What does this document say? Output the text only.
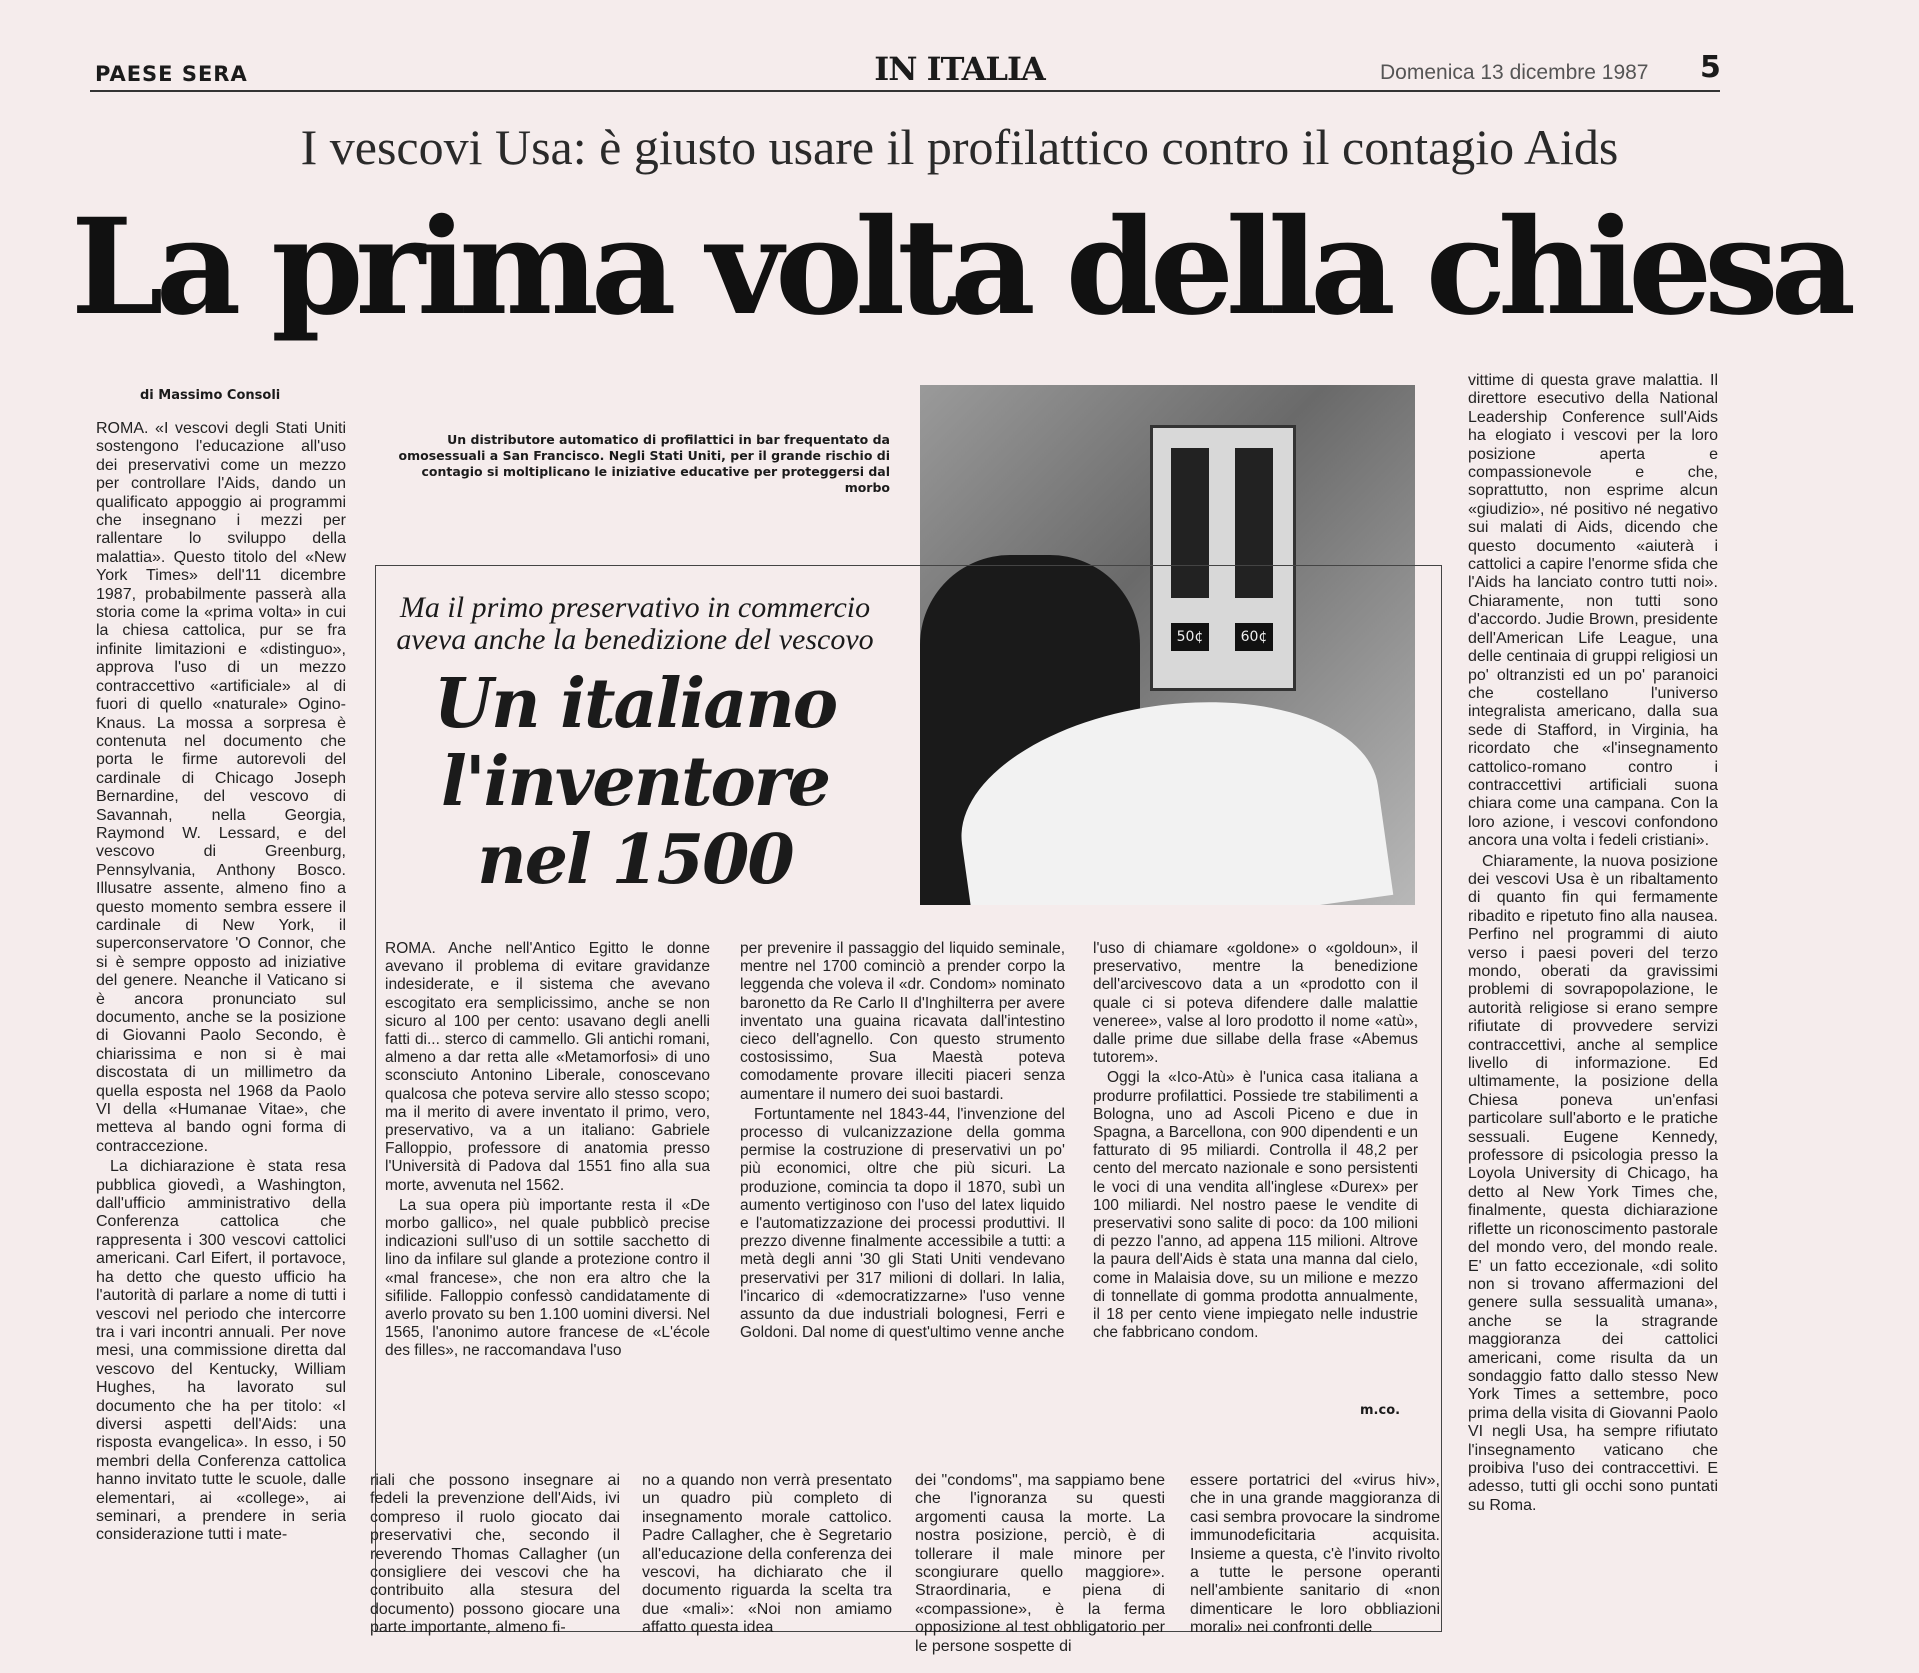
PAESE SERA	IN ITALIA	Domenica 13 dicembre 1987 5
I vescovi Usa: è giusto usare il profilattico contro il contagio Aids
La prima volta della chiesa
di Massimo Consoli

ROMA. «I vescovi degli Stati Uniti sostengono l'educazione all'uso dei preservativi come un mezzo per controllare l'Aids, dando un qualificato appoggio ai programmi che insegnano i mezzi per rallentare lo sviluppo della malattia». Questo titolo del «New York Times» dell'11 dicembre 1987, probabilmente passerà alla storia come la «prima volta» in cui la chiesa cattolica, pur se fra infinite limitazioni e «distinguo», approva l'uso di un mezzo contraccettivo «artificiale» al di fuori di quello «naturale» Ogino-Knaus. La mossa a sorpresa è contenuta nel documento che porta le firme autorevoli del cardinale di Chicago Joseph Bernardine, del vescovo di Savannah, nella Georgia, Raymond W. Lessard, e del vescovo di Greenburg, Pennsylvania, Anthony Bosco. Illusatre assente, almeno fino a questo momento sembra essere il cardinale di New York, il superconservatore 'O Connor, che si è sempre opposto ad iniziative del genere. Neanche il Vaticano si è ancora pronunciato sul documento, anche se la posizione di Giovanni Paolo Secondo, è chiarissima e non si è mai discostata di un millimetro da quella esposta nel 1968 da Paolo VI della «Humanae Vitae», che metteva al bando ogni forma di contraccezione.

La dichiarazione è stata resa pubblica giovedì, a Washington, dall'ufficio amministrativo della Conferenza cattolica che rappresenta i 300 vescovi cattolici americani. Carl Eifert, il portavoce, ha detto che questo ufficio ha l'autorità di parlare a nome di tutti i vescovi nel periodo che intercorre tra i vari incontri annuali. Per nove mesi, una commissione diretta dal vescovo del Kentucky, William Hughes, ha lavorato sul documento che ha per titolo: «I diversi aspetti dell'Aids: una risposta evangelica». In esso, i 50 membri della Conferenza cattolica hanno invitato tutte le scuole, dalle elementari, ai «college», ai seminari, a prendere in seria considerazione tutti i mate-

Un distributore automatico di profilattici in bar frequentato da omosessuali a San Francisco. Negli Stati Uniti, per il grande rischio di contagio si moltiplicano le iniziative educative per proteggersi dal morbo
50¢	60¢
Ma il primo preservativo in commercio aveva anche la benedizione del vescovo
Un italiano l'inventore nel 1500

ROMA. Anche nell'Antico Egitto le donne avevano il problema di evitare gravidanze indesiderate, e il sistema che avevano escogitato era semplicissimo, anche se non sicuro al 100 per cento: usavano degli anelli fatti di... sterco di cammello. Gli antichi romani, almeno a dar retta alle «Metamorfosi» di uno sconsciuto Antonino Liberale, conoscevano qualcosa che poteva servire allo stesso scopo; ma il merito di avere inventato il primo, vero, preservativo, va a un italiano: Gabriele Falloppio, professore di anatomia presso l'Università di Padova dal 1551 fino alla sua morte, avvenuta nel 1562.

La sua opera più importante resta il «De morbo gallico», nel quale pubblicò precise indicazioni sull'uso di un sottile sacchetto di lino da infilare sul glande a protezione contro il «mal francese», che non era altro che la sifilide. Falloppio confessò candidatamente di averlo provato su ben 1.100 uomini diversi. Nel 1565, l'anonimo autore francese de «L'école des filles», ne raccomandava l'uso

per prevenire il passaggio del liquido seminale, mentre nel 1700 cominciò a prender corpo la leggenda che voleva il «dr. Condom» nominato baronetto da Re Carlo II d'Inghilterra per avere inventato una guaina ricavata dall'intestino cieco dell'agnello. Con questo strumento costosissimo, Sua Maestà poteva comodamente provare illeciti piaceri senza aumentare il numero dei suoi bastardi.

Fortuntamente nel 1843-44, l'invenzione del processo di vulcanizzazione della gomma permise la costruzione di preservativi un po' più economici, oltre che più sicuri. La produzione, comincia ta dopo il 1870, subì un aumento vertiginoso con l'uso del latex liquido e l'automatizzazione dei processi produttivi. Il prezzo divenne finalmente accessibile a tutti: a metà degli anni '30 gli Stati Uniti vendevano preservativi per 317 milioni di dollari. In Ialia, l'incarico di «democratizzarne» l'uso venne assunto da due industriali bolognesi, Ferri e Goldoni. Dal nome di quest'ultimo venne anche

l'uso di chiamare «goldone» o «goldoun», il preservativo, mentre la benedizione dell'arcivescovo data a un «prodotto con il quale ci si poteva difendere dalle malattie veneree», valse al loro prodotto il nome «atù», dalle prime due sillabe della frase «Abemus tutorem».

Oggi la «Ico-Atù» è l'unica casa italiana a produrre profilattici. Possiede tre stabilimenti a Bologna, uno ad Ascoli Piceno e due in Spagna, a Barcellona, con 900 dipendenti e un fatturato di 95 miliardi. Controlla il 48,2 per cento del mercato nazionale e sono persistenti le voci di una vendita all'inglese «Durex» per 100 miliardi. Nel nostro paese le vendite di preservativi sono salite di poco: da 100 milioni di pezzo l'anno, ad appena 115 milioni. Altrove la paura dell'Aids è stata una manna dal cielo, come in Malaisia dove, su un milione e mezzo di tonnellate di gomma prodotta annualmente, il 18 per cento viene impiegato nelle industrie che fabbricano condom.

m.co.

riali che possono insegnare ai fedeli la prevenzione dell'Aids, ivi compreso il ruolo giocato dai preservativi che, secondo il reverendo Thomas Callagher (un consigliere dei vescovi che ha contribuito alla stesura del documento) possono giocare una parte importante, almeno fi-

no a quando non verrà presentato un quadro più completo di insegnamento morale cattolico. Padre Callagher, che è Segretario all'educazione della conferenza dei vescovi, ha dichiarato che il documento riguarda la scelta tra due «mali»: «Noi non amiamo affatto questa idea

dei "condoms", ma sappiamo bene che l'ignoranza su questi argomenti causa la morte. La nostra posizione, perciò, è di tollerare il male minore per scongiurare quello maggiore». Straordinaria, e piena di «compassione», è la ferma opposizione al test obbligatorio per le persone sospette di

essere portatrici del «virus hiv», che in una grande maggioranza di casi sembra provocare la sindrome immunodeficitaria acquisita. Insieme a questa, c'è l'invito rivolto a tutte le persone operanti nell'ambiente sanitario di «non dimenticare le loro obbliazioni morali» nei confronti delle

vittime di questa grave malattia. Il direttore esecutivo della National Leadership Conference sull'Aids ha elogiato i vescovi per la loro posizione aperta e compassionevole e che, soprattutto, non esprime alcun «giudizio», né positivo né negativo sui malati di Aids, dicendo che questo documento «aiuterà i cattolici a capire l'enorme sfida che l'Aids ha lanciato contro tutti noi». Chiaramente, non tutti sono d'accordo. Judie Brown, presidente dell'American Life League, una delle centinaia di gruppi religiosi un po' oltranzisti ed un po' paranoici che costellano l'universo integralista americano, dalla sua sede di Stafford, in Virginia, ha ricordato che «l'insegnamento cattolico-romano contro i contraccettivi artificiali suona chiara come una campana. Con la loro azione, i vescovi confondono ancora una volta i fedeli cristiani».

Chiaramente, la nuova posizione dei vescovi Usa è un ribaltamento di quanto fin qui fermamente ribadito e ripetuto fino alla nausea. Perfino nel programmi di aiuto verso i paesi poveri del terzo mondo, oberati da gravissimi problemi di sovrapopolazione, le autorità religiose si erano sempre rifiutate di provvedere servizi contraccettivi, anche al semplice livello di informazione. Ed ultimamente, la posizione della Chiesa poneva un'enfasi particolare sull'aborto e le pratiche sessuali. Eugene Kennedy, professore di psicologia presso la Loyola University di Chicago, ha detto al New York Times che, finalmente, questa dichiarazione riflette un riconoscimento pastorale del mondo vero, del mondo reale. E' un fatto eccezionale, «di solito non si trovano affermazioni del genere sulla sessualità umana», anche se la stragrande maggioranza dei cattolici americani, come risulta da un sondaggio fatto dallo stesso New York Times a settembre, poco prima della visita di Giovanni Paolo VI negli Usa, ha sempre rifiutato l'insegnamento vaticano che proibiva l'uso dei contraccettivi. E adesso, tutti gli occhi sono puntati su Roma.
